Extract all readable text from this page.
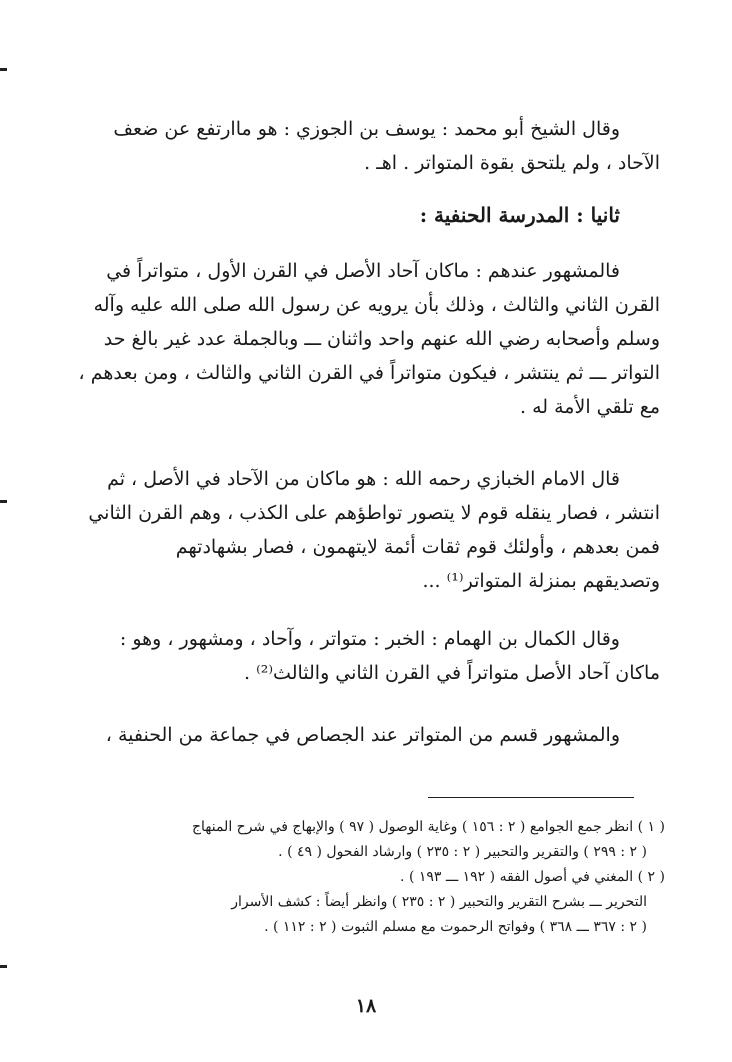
وقال الشيخ أبو محمد : يوسف بن الجوزي : هو ماارتفع عن ضعف
الآحاد ، ولم يلتحق بقوة المتواتر . اهـ .

ثانيا : المدرسة الحنفية :

فالمشهور عندهم : ماكان آحاد الأصل في القرن الأول ، متواتراً في
القرن الثاني والثالث ، وذلك بأن يرويه عن رسول الله صلى الله عليه وآله
وسلم وأصحابه رضي الله عنهم واحد واثنان ـــ وبالجملة عدد غير بالغ حد
التواتر ـــ ثم ينتشر ، فيكون متواتراً في القرن الثاني والثالث ، ومن بعدهم ،
مع تلقي الأمة له .

قال الامام الخبازي رحمه الله : هو ماكان من الآحاد في الأصل ، ثم
انتشر ، فصار ينقله قوم لا يتصور تواطؤهم على الكذب ، وهم القرن الثاني
فمن بعدهم ، وأولئك قوم ثقات أئمة لايتهمون ، فصار بشهادتهم
وتصديقهم بمنزلة المتواتر⁽¹⁾ ...

وقال الكمال بن الهمام : الخبر : متواتر ، وآحاد ، ومشهور ، وهو :
ماكان آحاد الأصل متواتراً في القرن الثاني والثالث⁽²⁾ .

والمشهور قسم من المتواتر عند الجصاص في جماعة من الحنفية ،

( ١ ) انظر جمع الجوامع ( ٢ : ١٥٦ ) وغاية الوصول ( ٩٧ ) والإبهاج في شرح المنهاج
( ٢ : ٢٩٩ ) والتقرير والتحبير ( ٢ : ٢٣٥ ) وارشاد الفحول ( ٤٩ ) .
( ٢ ) المغني في أصول الفقه ( ١٩٢ ـــ ١٩٣ ) .
التحرير ـــ بشرح التقرير والتحبير ( ٢ : ٢٣٥ ) وانظر أيضاً : كشف الأسرار
( ٢ : ٣٦٧ ـــ ٣٦٨ ) وفواتح الرحموت مع مسلم الثبوت ( ٢ : ١١٢ ) .

١٨
